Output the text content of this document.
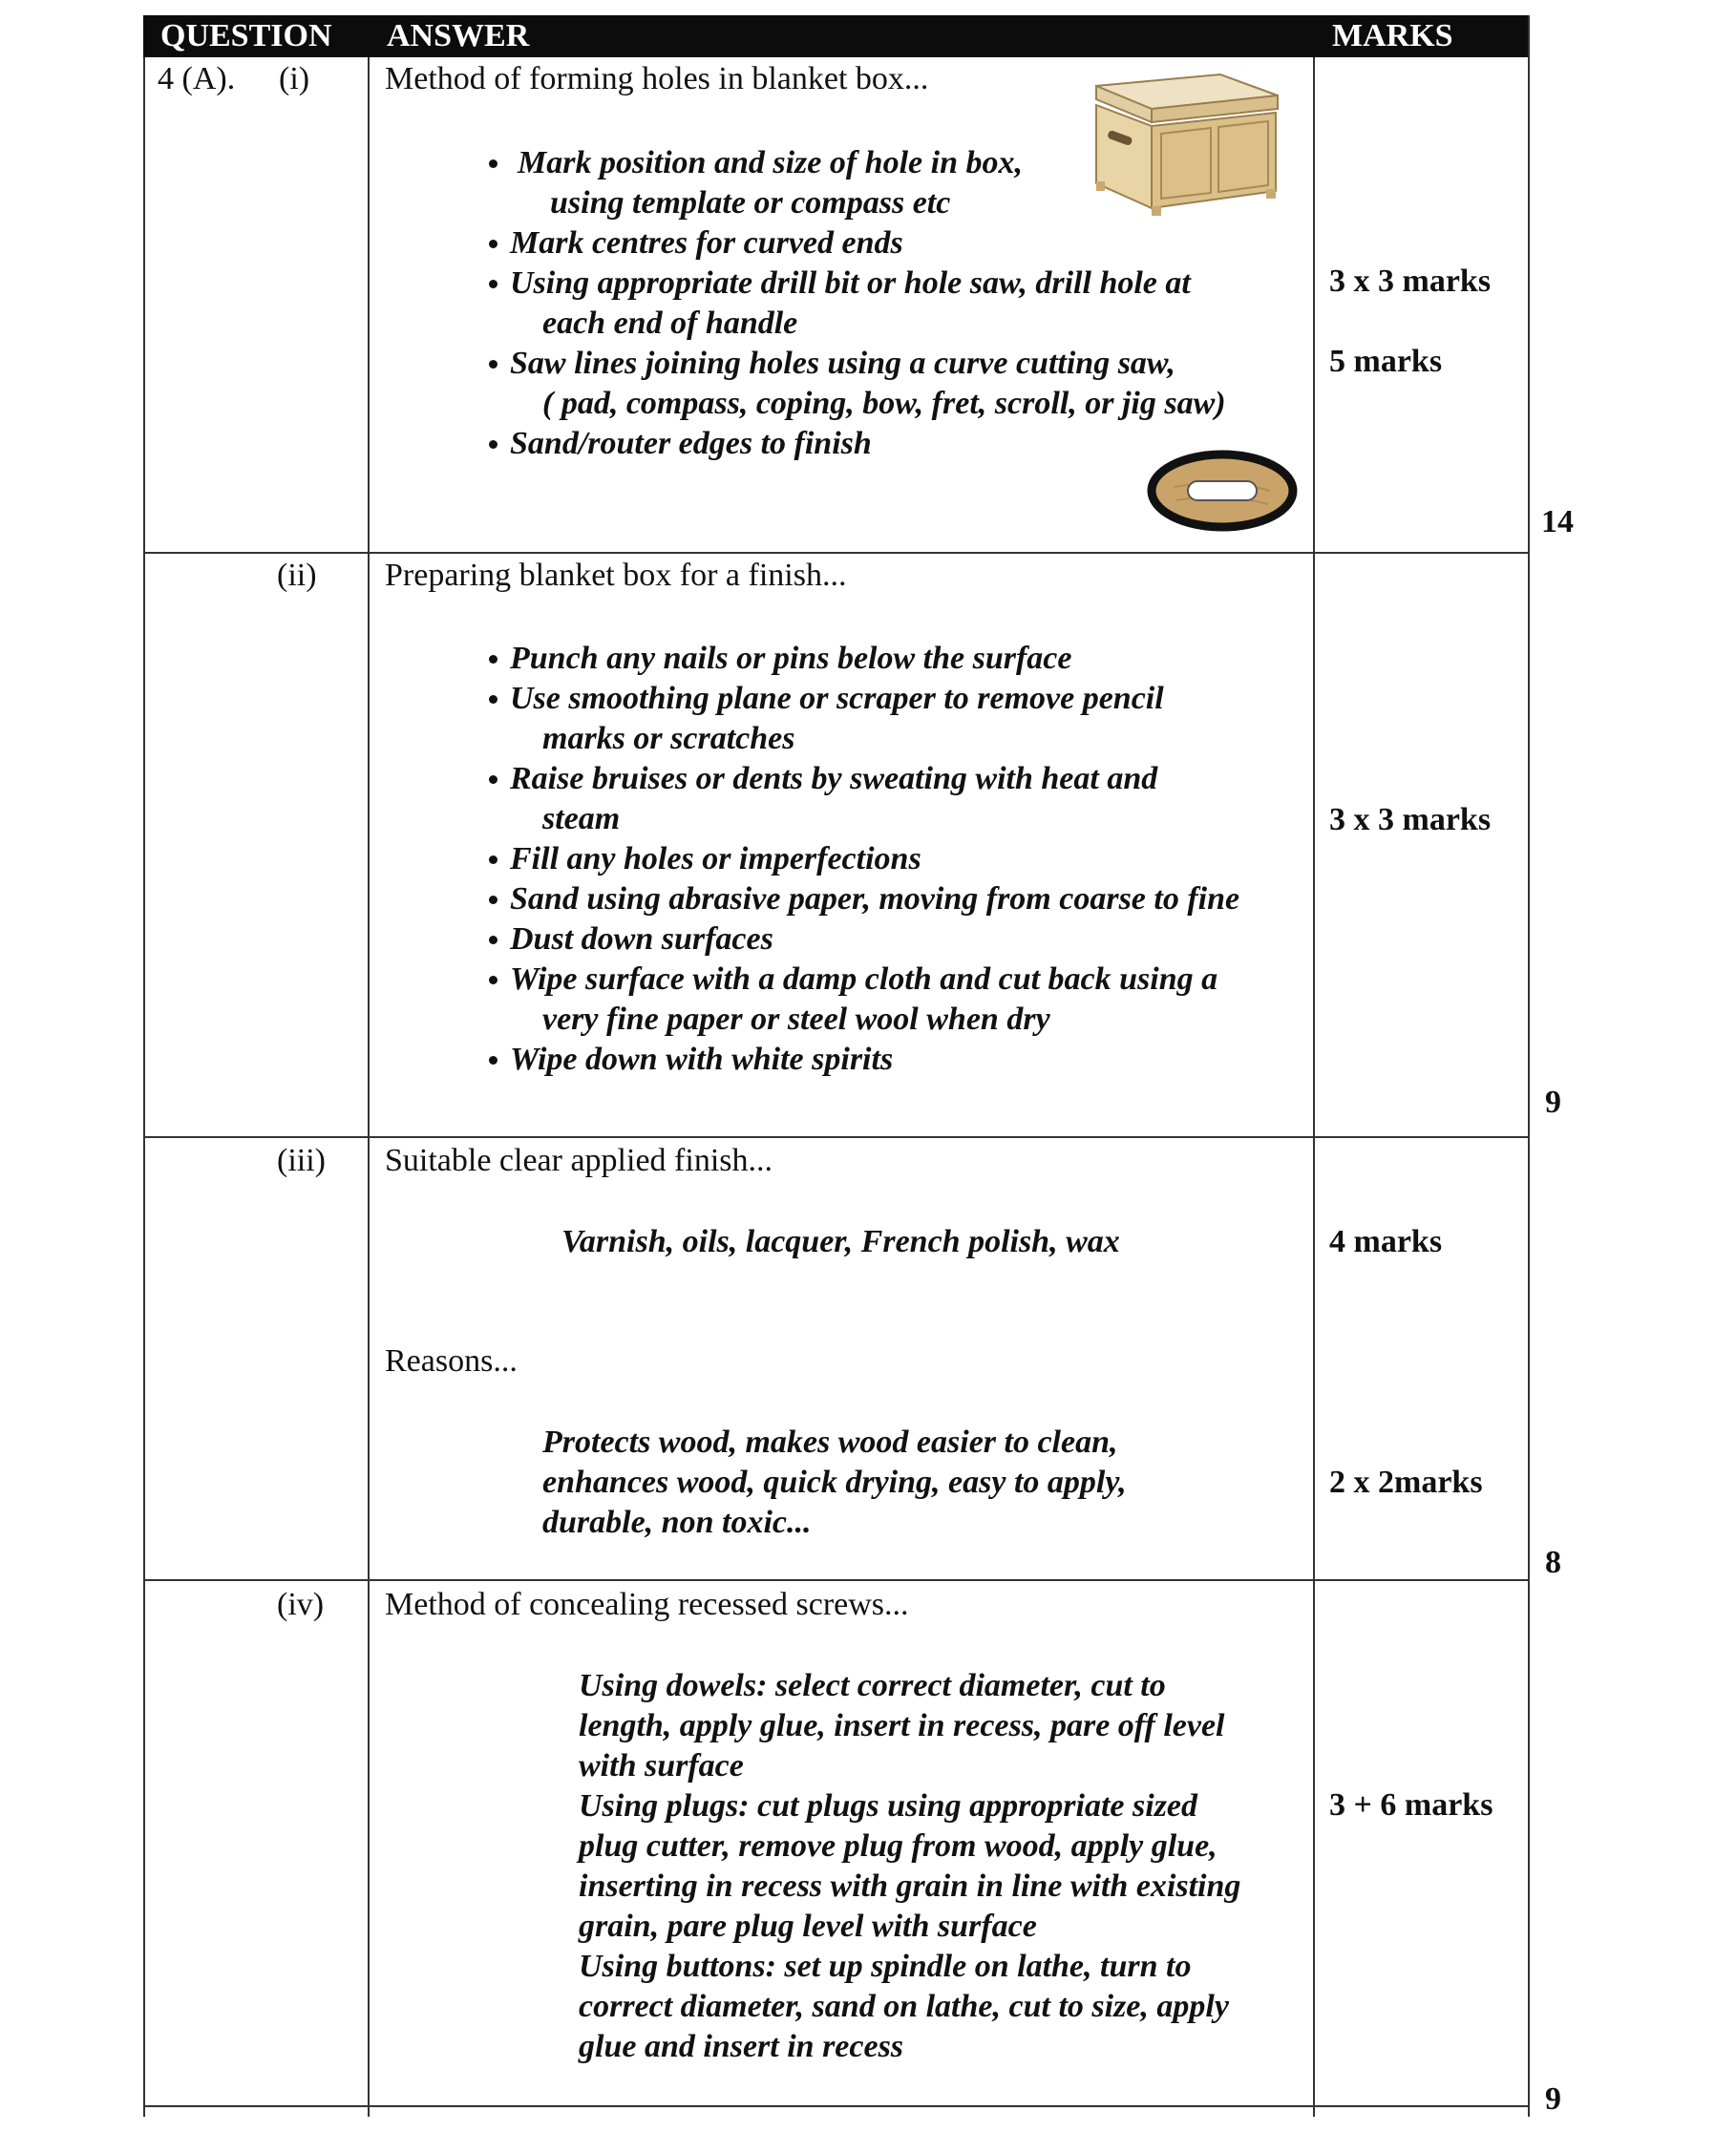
QUESTION ANSWER	MARKS
4 (A). (i) Method of forming holes in blanket box...
Mark position and size of hole in box,
using template or compass etc
Mark centres for curved ends
Using appropriate drill bit or hole saw, drill hole at
each end of handle
Saw lines joining holes using a curve cutting saw,
( pad, compass, coping, bow, fret, scroll, or jig saw)
Sand/router edges to finish
3 x 3 marks
5 marks
14
(ii) Preparing blanket box for a finish...
Punch any nails or pins below the surface
Use smoothing plane or scraper to remove pencil
marks or scratches
Raise bruises or dents by sweating with heat and
steam
Fill any holes or imperfections
Sand using abrasive paper, moving from coarse to fine
Dust down surfaces
Wipe surface with a damp cloth and cut back using a
very fine paper or steel wool when dry
Wipe down with white spirits
3 x 3 marks
9
(iii) Suitable clear applied finish...
Varnish, oils, lacquer, French polish, wax	4 marks
Reasons...

Protects wood, makes wood easier to clean,

enhances wood, quick drying, easy to apply,

durable, non toxic...

2 x 2marks
8
(iv) Method of concealing recessed screws...

Using dowels: select correct diameter, cut to

length, apply glue, insert in recess, pare off level

with surface

Using plugs: cut plugs using appropriate sized

plug cutter, remove plug from wood, apply glue,

inserting in recess with grain in line with existing

grain, pare plug level with surface

Using buttons: set up spindle on lathe, turn to

correct diameter, sand on lathe, cut to size, apply

glue and insert in recess

3 + 6 marks
9
